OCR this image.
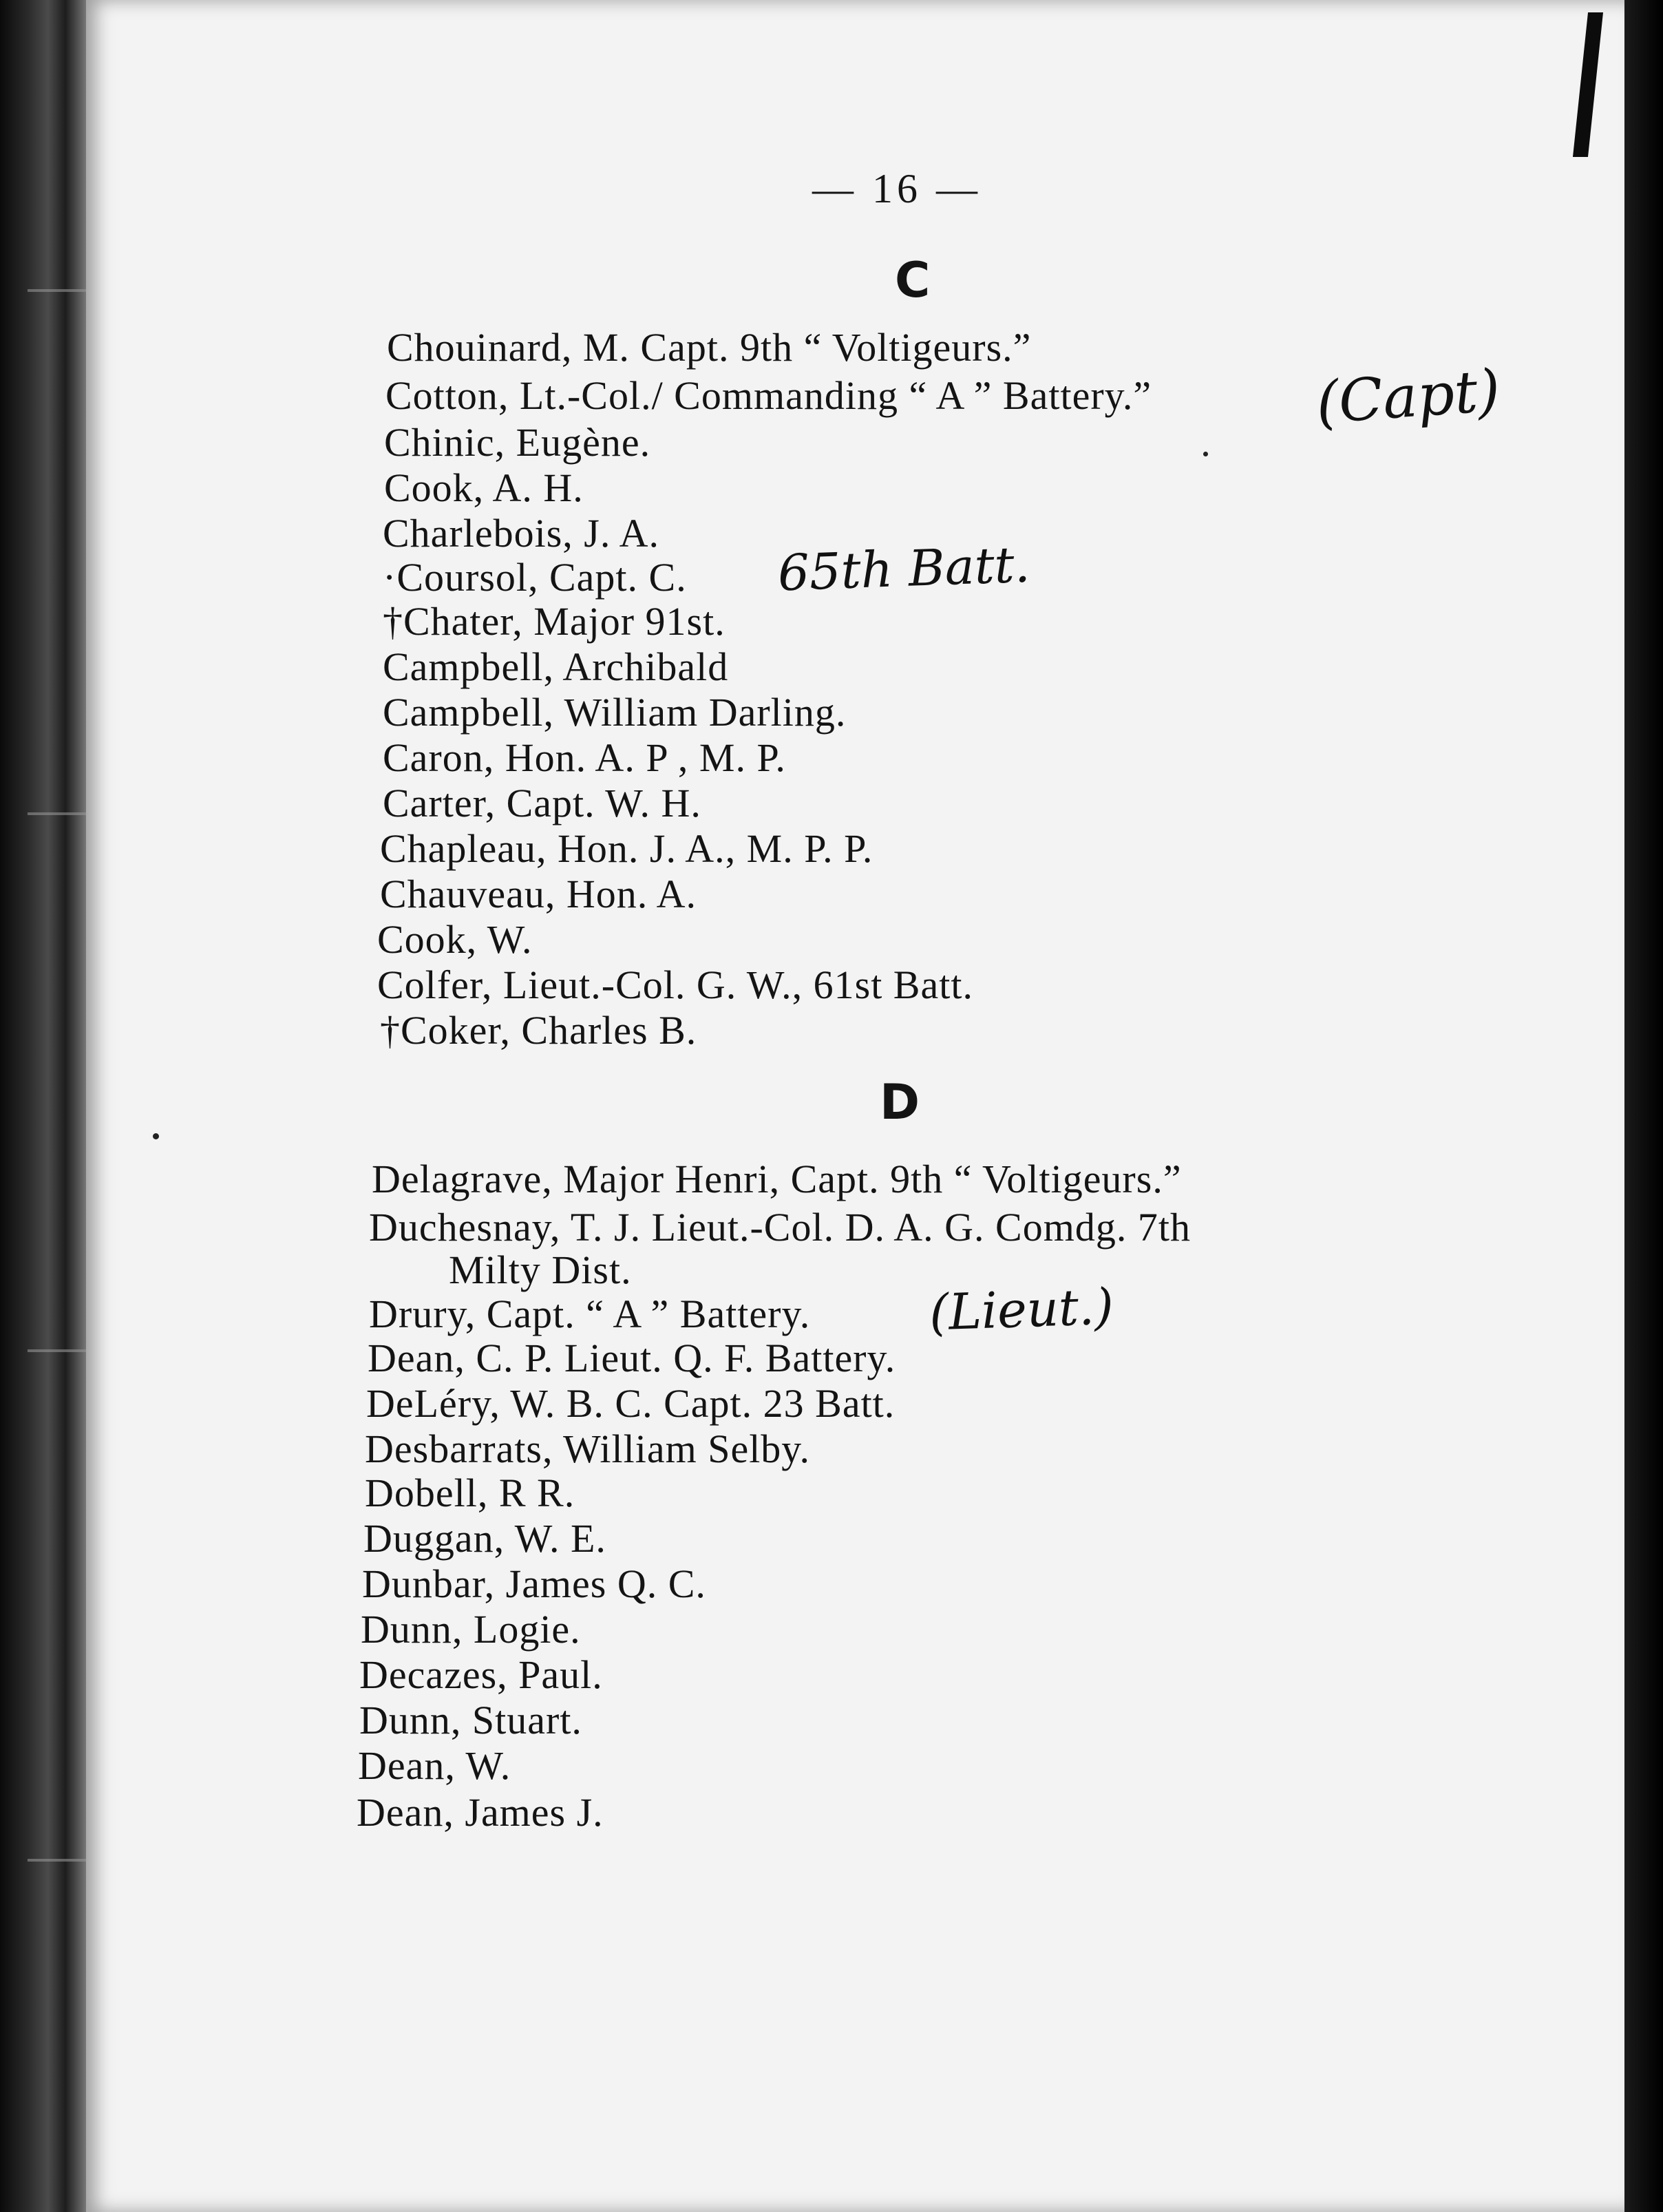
— 16 —
C
Chouinard, M. Capt. 9th “ Voltigeurs.”
Cotton, Lt.-Col./ Commanding “ A ” Battery.”
Chinic, Eugène.
Cook, A. H.
Charlebois, J. A.
·Coursol, Capt. C.
†Chater, Major 91st.
Campbell, Archibald
Campbell, William Darling.
Caron, Hon. A. P , M. P.
Carter, Capt. W. H.
Chapleau, Hon. J. A., M. P. P.
Chauveau, Hon. A.
Cook, W.
Colfer, Lieut.-Col. G. W., 61st Batt.
†Coker, Charles B.
D
Delagrave, Major Henri, Capt. 9th “ Voltigeurs.”
Duchesnay, T. J. Lieut.-Col. D. A. G. Comdg. 7th
Milty Dist.
Drury, Capt. “ A ” Battery.
Dean, C. P. Lieut. Q. F. Battery.
DeLéry, W. B. C. Capt. 23 Batt.
Desbarrats, William Selby.
Dobell, R R.
Duggan, W. E.
Dunbar, James Q. C.
Dunn, Logie.
Decazes, Paul.
Dunn, Stuart.
Dean, W.
Dean, James J.
(Capt)
65th Batt.
(Lieut.)
